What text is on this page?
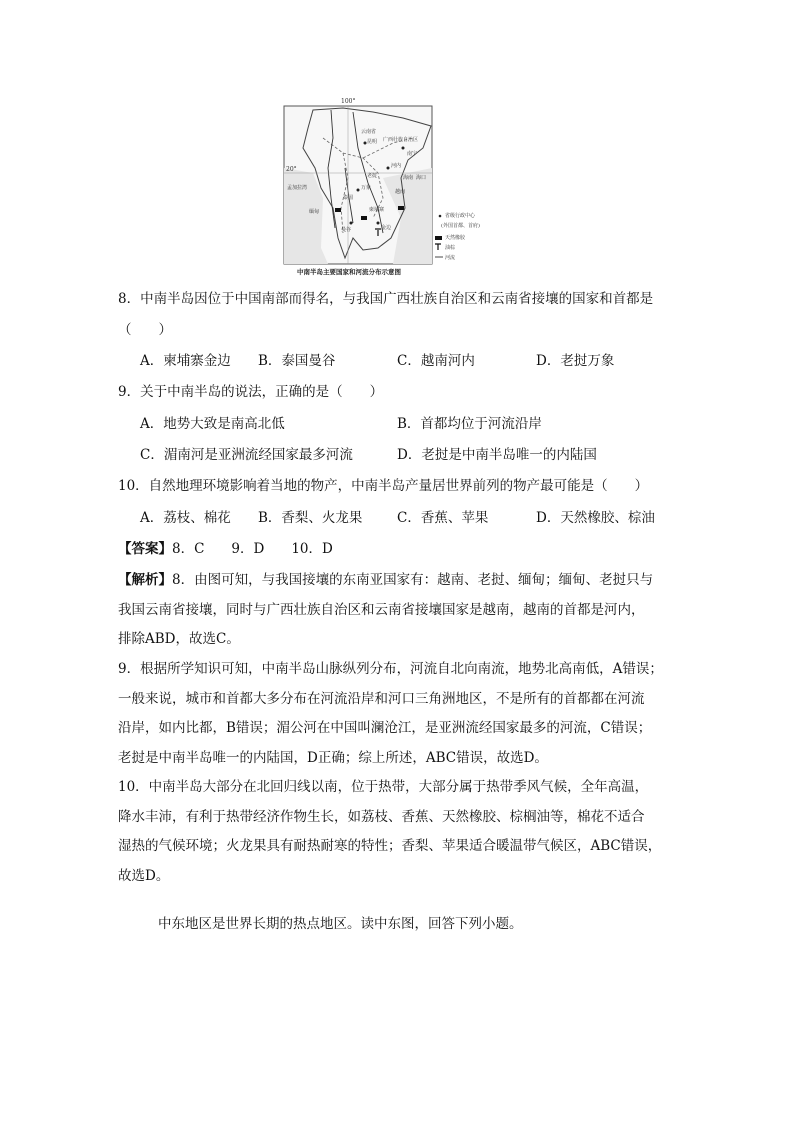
100°
20°
云南省
昆明 广西壮族自治区
南宁
海口
海南
孟加拉湾
缅甸
泰国
老挝
越南
柬埔寨
曼谷
万象
河内
金边
省级行政中心
(外国首都、首府)
天然橡胶
油棕
河流
中南半岛主要国家和河流分布示意图
8．中南半岛因位于中国南部而得名，与我国广西壮族自治区和云南省接壤的国家和首都是
（　　）
A．柬埔寨金边 B．泰国曼谷	C．越南河内	D．老挝万象
9．关于中南半岛的说法，正确的是（　　）
A．地势大致是南高北低	B．首都均位于河流沿岸
C．湄南河是亚洲流经国家最多河流	D．老挝是中南半岛唯一的内陆国
10．自然地理环境影响着当地的物产，中南半岛产量居世界前列的物产最可能是（　　）
A．荔枝、棉花 B．香梨、火龙果	C．香蕉、苹果	D．天然橡胶、棕油
【答案】8．C　　9．D　　10．D
【解析】8．由图可知，与我国接壤的东南亚国家有：越南、老挝、缅甸；缅甸、老挝只与
我国云南省接壤，同时与广西壮族自治区和云南省接壤国家是越南，越南的首都是河内，
排除ABD，故选C。
9．根据所学知识可知，中南半岛山脉纵列分布，河流自北向南流，地势北高南低，A错误；
一般来说，城市和首都大多分布在河流沿岸和河口三角洲地区，不是所有的首都都在河流
沿岸，如内比都，B错误；湄公河在中国叫澜沧江，是亚洲流经国家最多的河流，C错误；
老挝是中南半岛唯一的内陆国，D正确；综上所述，ABC错误，故选D。
10．中南半岛大部分在北回归线以南，位于热带，大部分属于热带季风气候，全年高温，
降水丰沛，有利于热带经济作物生长，如荔枝、香蕉、天然橡胶、棕榈油等，棉花不适合
湿热的气候环境；火龙果具有耐热耐寒的特性；香梨、苹果适合暖温带气候区，ABC错误，
故选D。
中东地区是世界长期的热点地区。读中东图，回答下列小题。
